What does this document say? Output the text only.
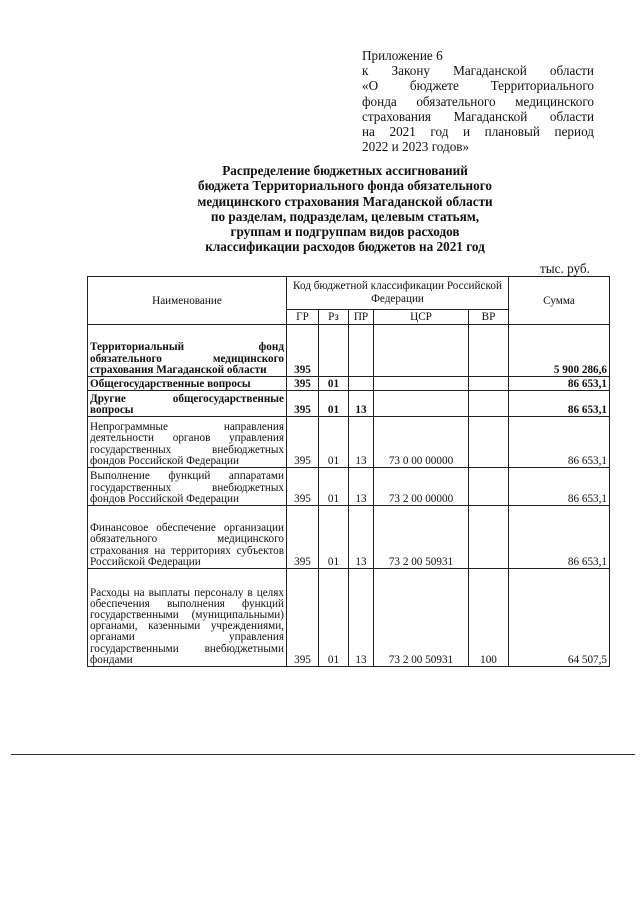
Приложение 6
к Закону Магаданской области
«О бюджете Территориального
фонда обязательного медицинского
страхования Магаданской области
на 2021 год и плановый период
2022 и 2023 годов»
Распределение бюджетных ассигнований
бюджета Территориального фонда обязательного
медицинского страхования Магаданской области
по разделам, подразделам, целевым статьям,
группам и подгруппам видов расходов
классификации расходов бюджетов на 2021 год
тыс. руб.
Наименование	Код бюджетной классификации Российской Федерации					Сумма
	ГР	Рз	ПР	ЦСР	ВР	
Территориальный фонд обязательного медицинского страхования Магаданской области	395					5 900 286,6
Общегосударственные вопросы	395	01				86 653,1
Другие общегосударственные вопросы	395	01	13			86 653,1
Непрограммные направления деятельности органов управления государственных внебюджетных фондов Российской Федерации	395	01	13	73 0 00 00000		86 653,1
Выполнение функций аппаратами государственных внебюджетных фондов Российской Федерации	395	01	13	73 2 00 00000		86 653,1
Финансовое обеспечение организации обязательного медицинского страхования на территориях субъектов Российской Федерации	395	01	13	73 2 00 50931		86 653,1
Расходы на выплаты персоналу в целях обеспечения выполнения функций государственными (муниципальными) органами, казенными учреждениями, органами управления государственными внебюджетными фондами	395	01	13	73 2 00 50931	100	64 507,5
